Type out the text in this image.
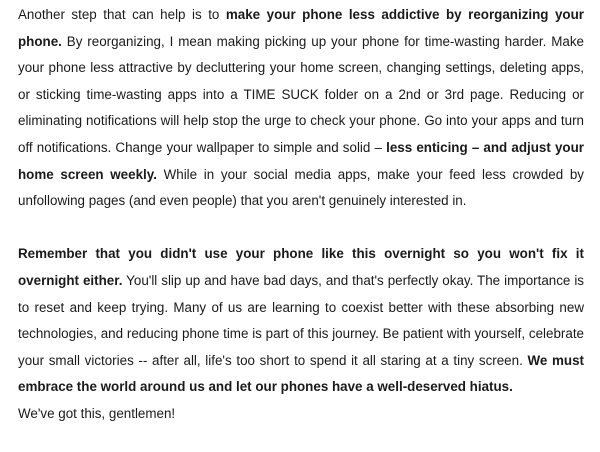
Another step that can help is to make your phone less addictive by reorganizing your phone. By reorganizing, I mean making picking up your phone for time-wasting harder. Make your phone less attractive by decluttering your home screen, changing settings, deleting apps, or sticking time-wasting apps into a TIME SUCK folder on a 2nd or 3rd page. Reducing or eliminating notifications will help stop the urge to check your phone. Go into your apps and turn off notifications. Change your wallpaper to simple and solid – less enticing – and adjust your home screen weekly. While in your social media apps, make your feed less crowded by unfollowing pages (and even people) that you aren't genuinely interested in.

Remember that you didn't use your phone like this overnight so you won't fix it overnight either. You'll slip up and have bad days, and that's perfectly okay. The importance is to reset and keep trying. Many of us are learning to coexist better with these absorbing new technologies, and reducing phone time is part of this journey. Be patient with yourself, celebrate your small victories -- after all, life's too short to spend it all staring at a tiny screen. We must embrace the world around us and let our phones have a well-deserved hiatus.

We've got this, gentlemen!
